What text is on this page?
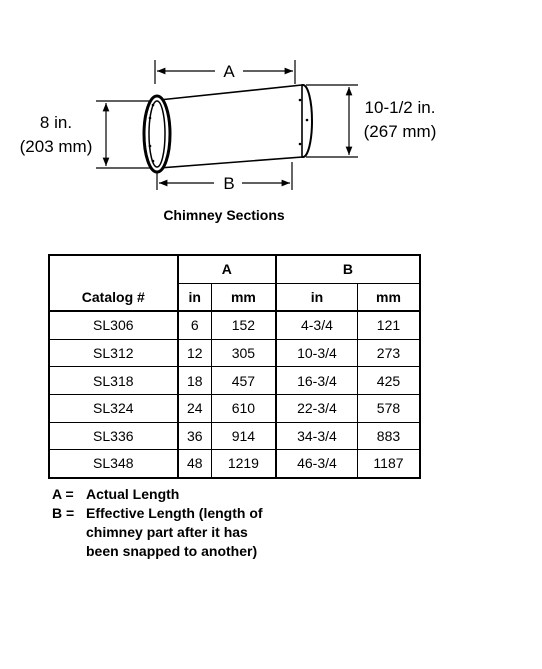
A
B
8 in.
(203 mm)
10-1/2 in.
(267 mm)
Chimney Sections
	A		B	
Catalog #	in	mm	in	mm
SL306	6	152	4-3/4	121
SL312	12	305	10-3/4	273
SL318	18	457	16-3/4	425
SL324	24	610	22-3/4	578
SL336	36	914	34-3/4	883
SL348	48	1219	46-3/4	1187
A = Actual Length
B = Effective Length (length of
chimney part after it has
been snapped to another)
